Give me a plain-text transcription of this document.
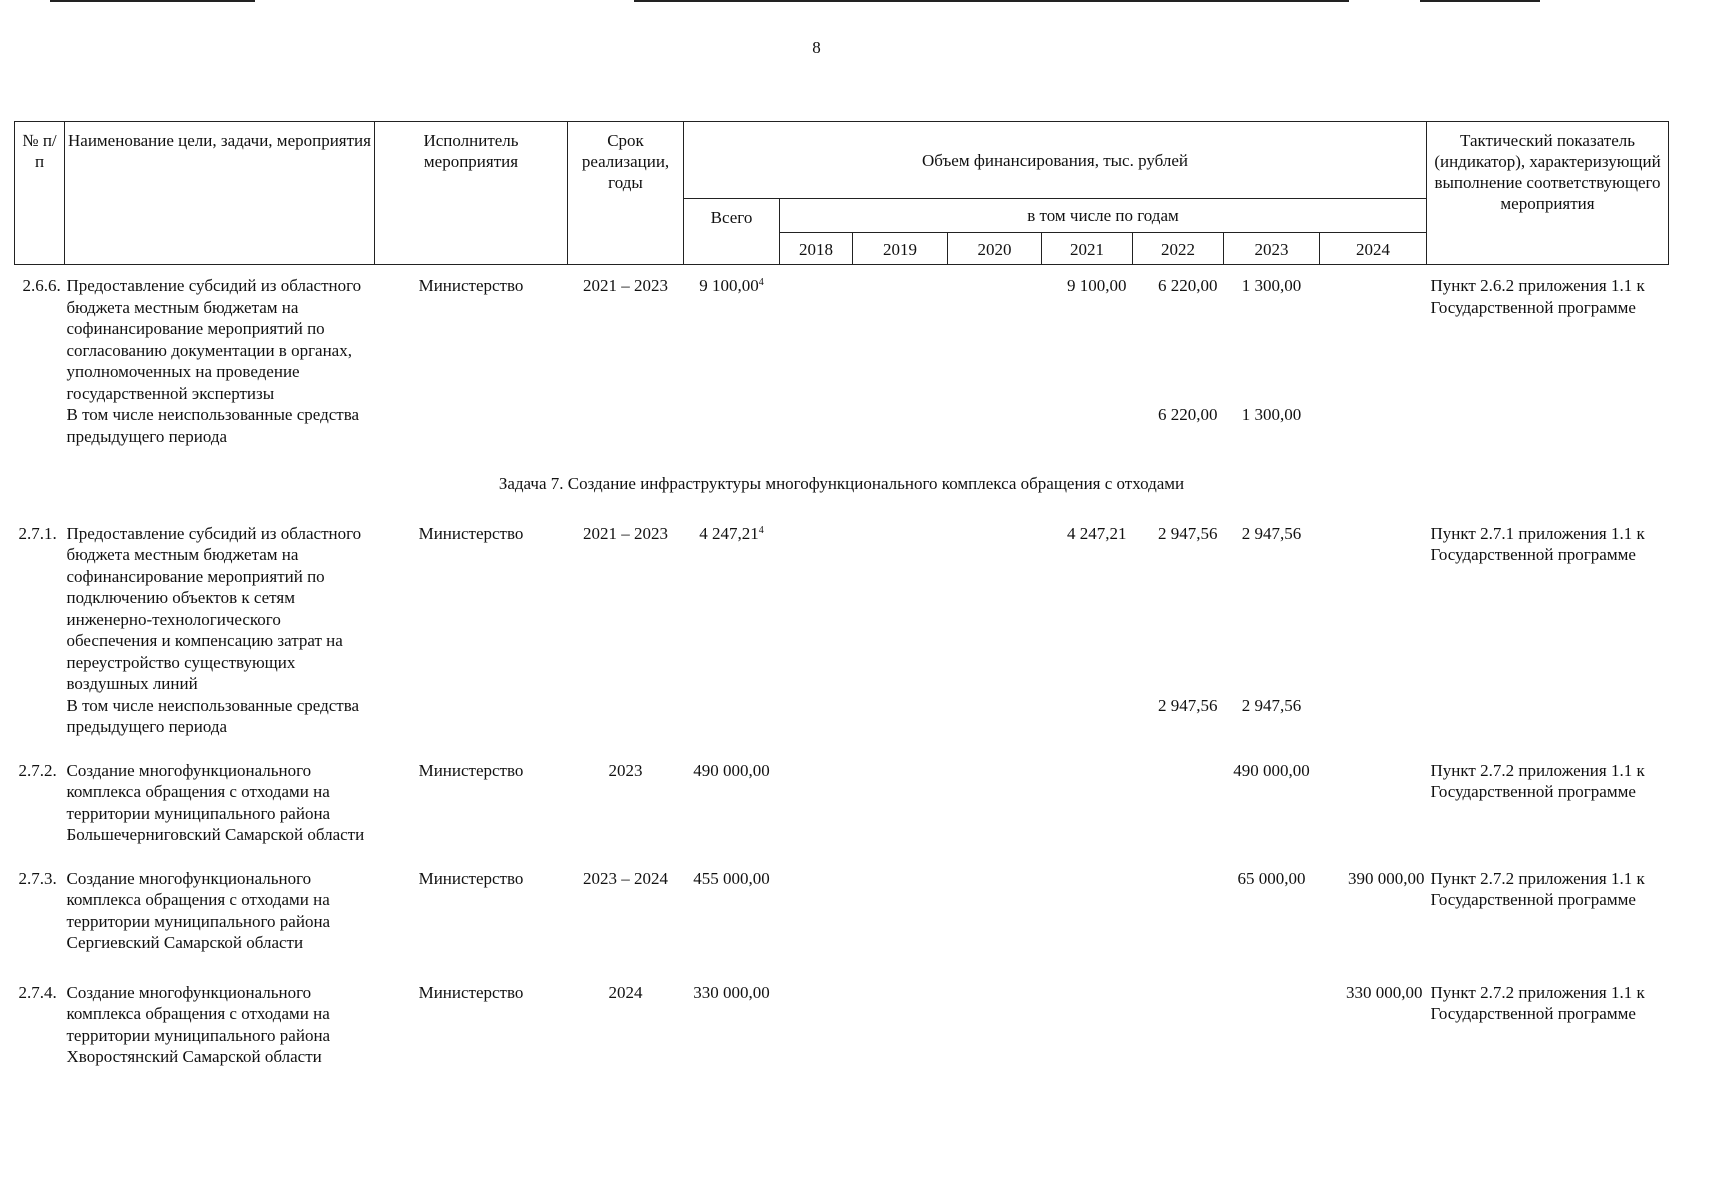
8
№ п/п	Наименование цели, задачи, мероприятия	Исполнитель мероприятия	Срок реализации, годы	Объем финансирования, тыс. рублей								Тактический показатель (индикатор), характеризующий выполнение соответствующего мероприятия
				Всего	в том числе по годам							
					2018	2019	2020	2021	2022	2023	2024	

2.6.6.	Предоставление субсидий из областного бюджета местным бюджетам на софинансирование мероприятий по согласованию документации в органах, уполномоченных на проведение государственной экспертизы	Министерство	2021 – 2023	9 100,00$^4$				9 100,00	6 220,00	1 300,00		Пункт 2.6.2 приложения 1.1 к Государственной программе
	В том числе неиспользованные средства предыдущего периода								6 220,00	1 300,00		
Задача 7. Создание инфраструктуры многофункционального комплекса обращения с отходами												
2.7.1.	Предоставление субсидий из областного бюджета местным бюджетам на софинансирование мероприятий по подключению объектов к сетям инженерно-технологического обеспечения и компенсацию затрат на переустройство существующих воздушных линий	Министерство	2021 – 2023	4 247,21$^4$				4 247,21	2 947,56	2 947,56		Пункт 2.7.1 приложения 1.1 к Государственной программе
	В том числе неиспользованные средства предыдущего периода								2 947,56	2 947,56		

2.7.2.	Создание многофункционального комплекса обращения с отходами на территории муниципального района Большечерниговский Самарской области	Министерство	2023	490 000,00						490 000,00		Пункт 2.7.2 приложения 1.1 к Государственной программе

2.7.3.	Создание многофункционального комплекса обращения с отходами на территории муниципального района Сергиевский Самарской области	Министерство	2023 – 2024	455 000,00						65 000,00	390 000,00	Пункт 2.7.2 приложения 1.1 к Государственной программе

2.7.4.	Создание многофункционального комплекса обращения с отходами на территории муниципального района Хворостянский Самарской области	Министерство	2024	330 000,00							330 000,00	Пункт 2.7.2 приложения 1.1 к Государственной программе
